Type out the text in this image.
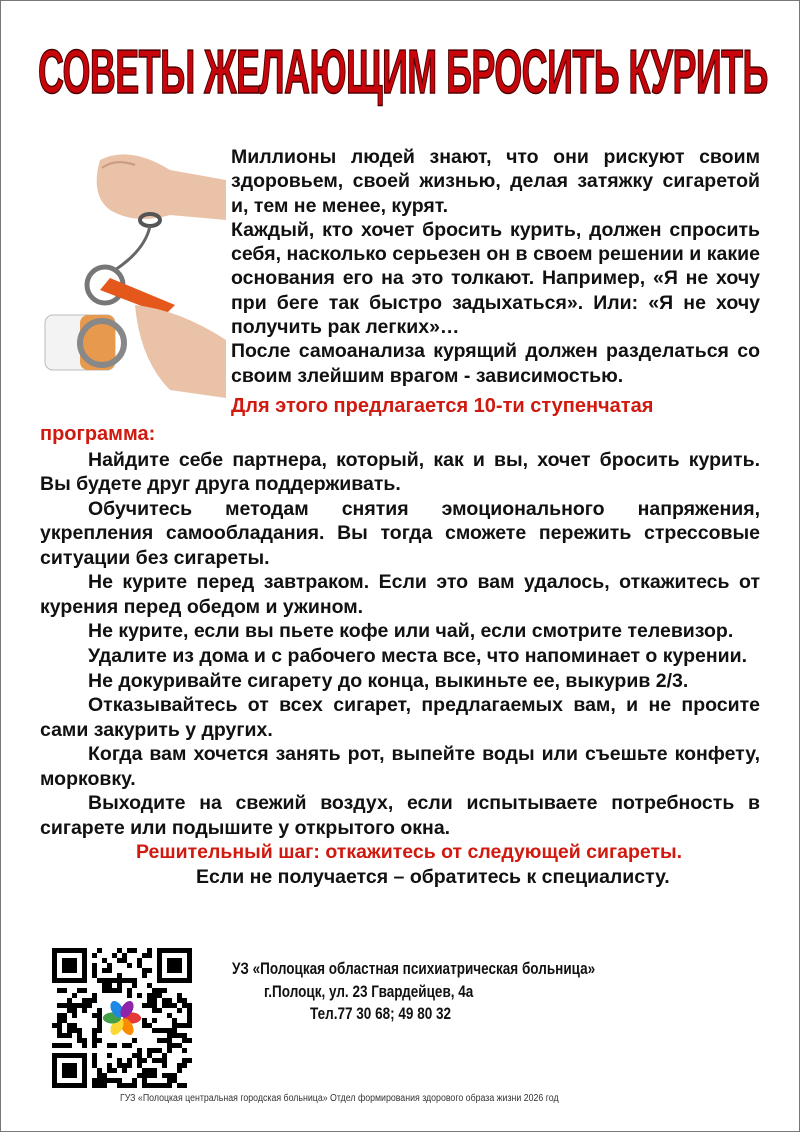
СОВЕТЫ ЖЕЛАЮЩИМ БРОСИТЬ КУРИТЬ

Миллионы людей знают, что они рискуют своим здоровьем, своей жизнью, делая затяжку сигаретой и, тем не менее, курят.

Каждый, кто хочет бросить курить, должен спросить себя, насколько серьезен он в своем решении и какие основания его на это толкают. Например, «Я не хочу при беге так быстро задыхаться». Или: «Я не хочу получить рак легких»…

После самоанализа курящий должен разделаться со своим злейшим врагом - зависимостью.

Для этого предлагается 10-ти ступенчатая
программа:

Найдите себе партнера, который, как и вы, хочет бросить курить. Вы будете друг друга поддерживать.

Обучитесь методам снятия эмоционального напряжения, укрепления самообладания. Вы тогда сможете пережить стрессовые ситуации без сигареты.

Не курите перед завтраком. Если это вам удалось, откажитесь от курения перед обедом и ужином.

Не курите, если вы пьете кофе или чай, если смотрите телевизор.

Удалите из дома и с рабочего места все, что напоминает о курении.

Не докуривайте сигарету до конца, выкиньте ее, выкурив 2/3.

Отказывайтесь от всех сигарет, предлагаемых вам, и не просите сами закурить у других.

Когда вам хочется занять рот, выпейте воды или съешьте конфету, морковку.

Выходите на свежий воздух, если испытываете потребность в сигарете или подышите у открытого окна.

Решительный шаг: откажитесь от следующей сигареты.

Если не получается – обратитесь к специалисту.

УЗ «Полоцкая областная психиатрическая больница»
г.Полоцк, ул. 23 Гвардейцев, 4а
Тел.77 30 68; 49 80 32
ГУЗ «Полоцкая центральная городская больница» Отдел формирования здорового образа жизни 2026 год
